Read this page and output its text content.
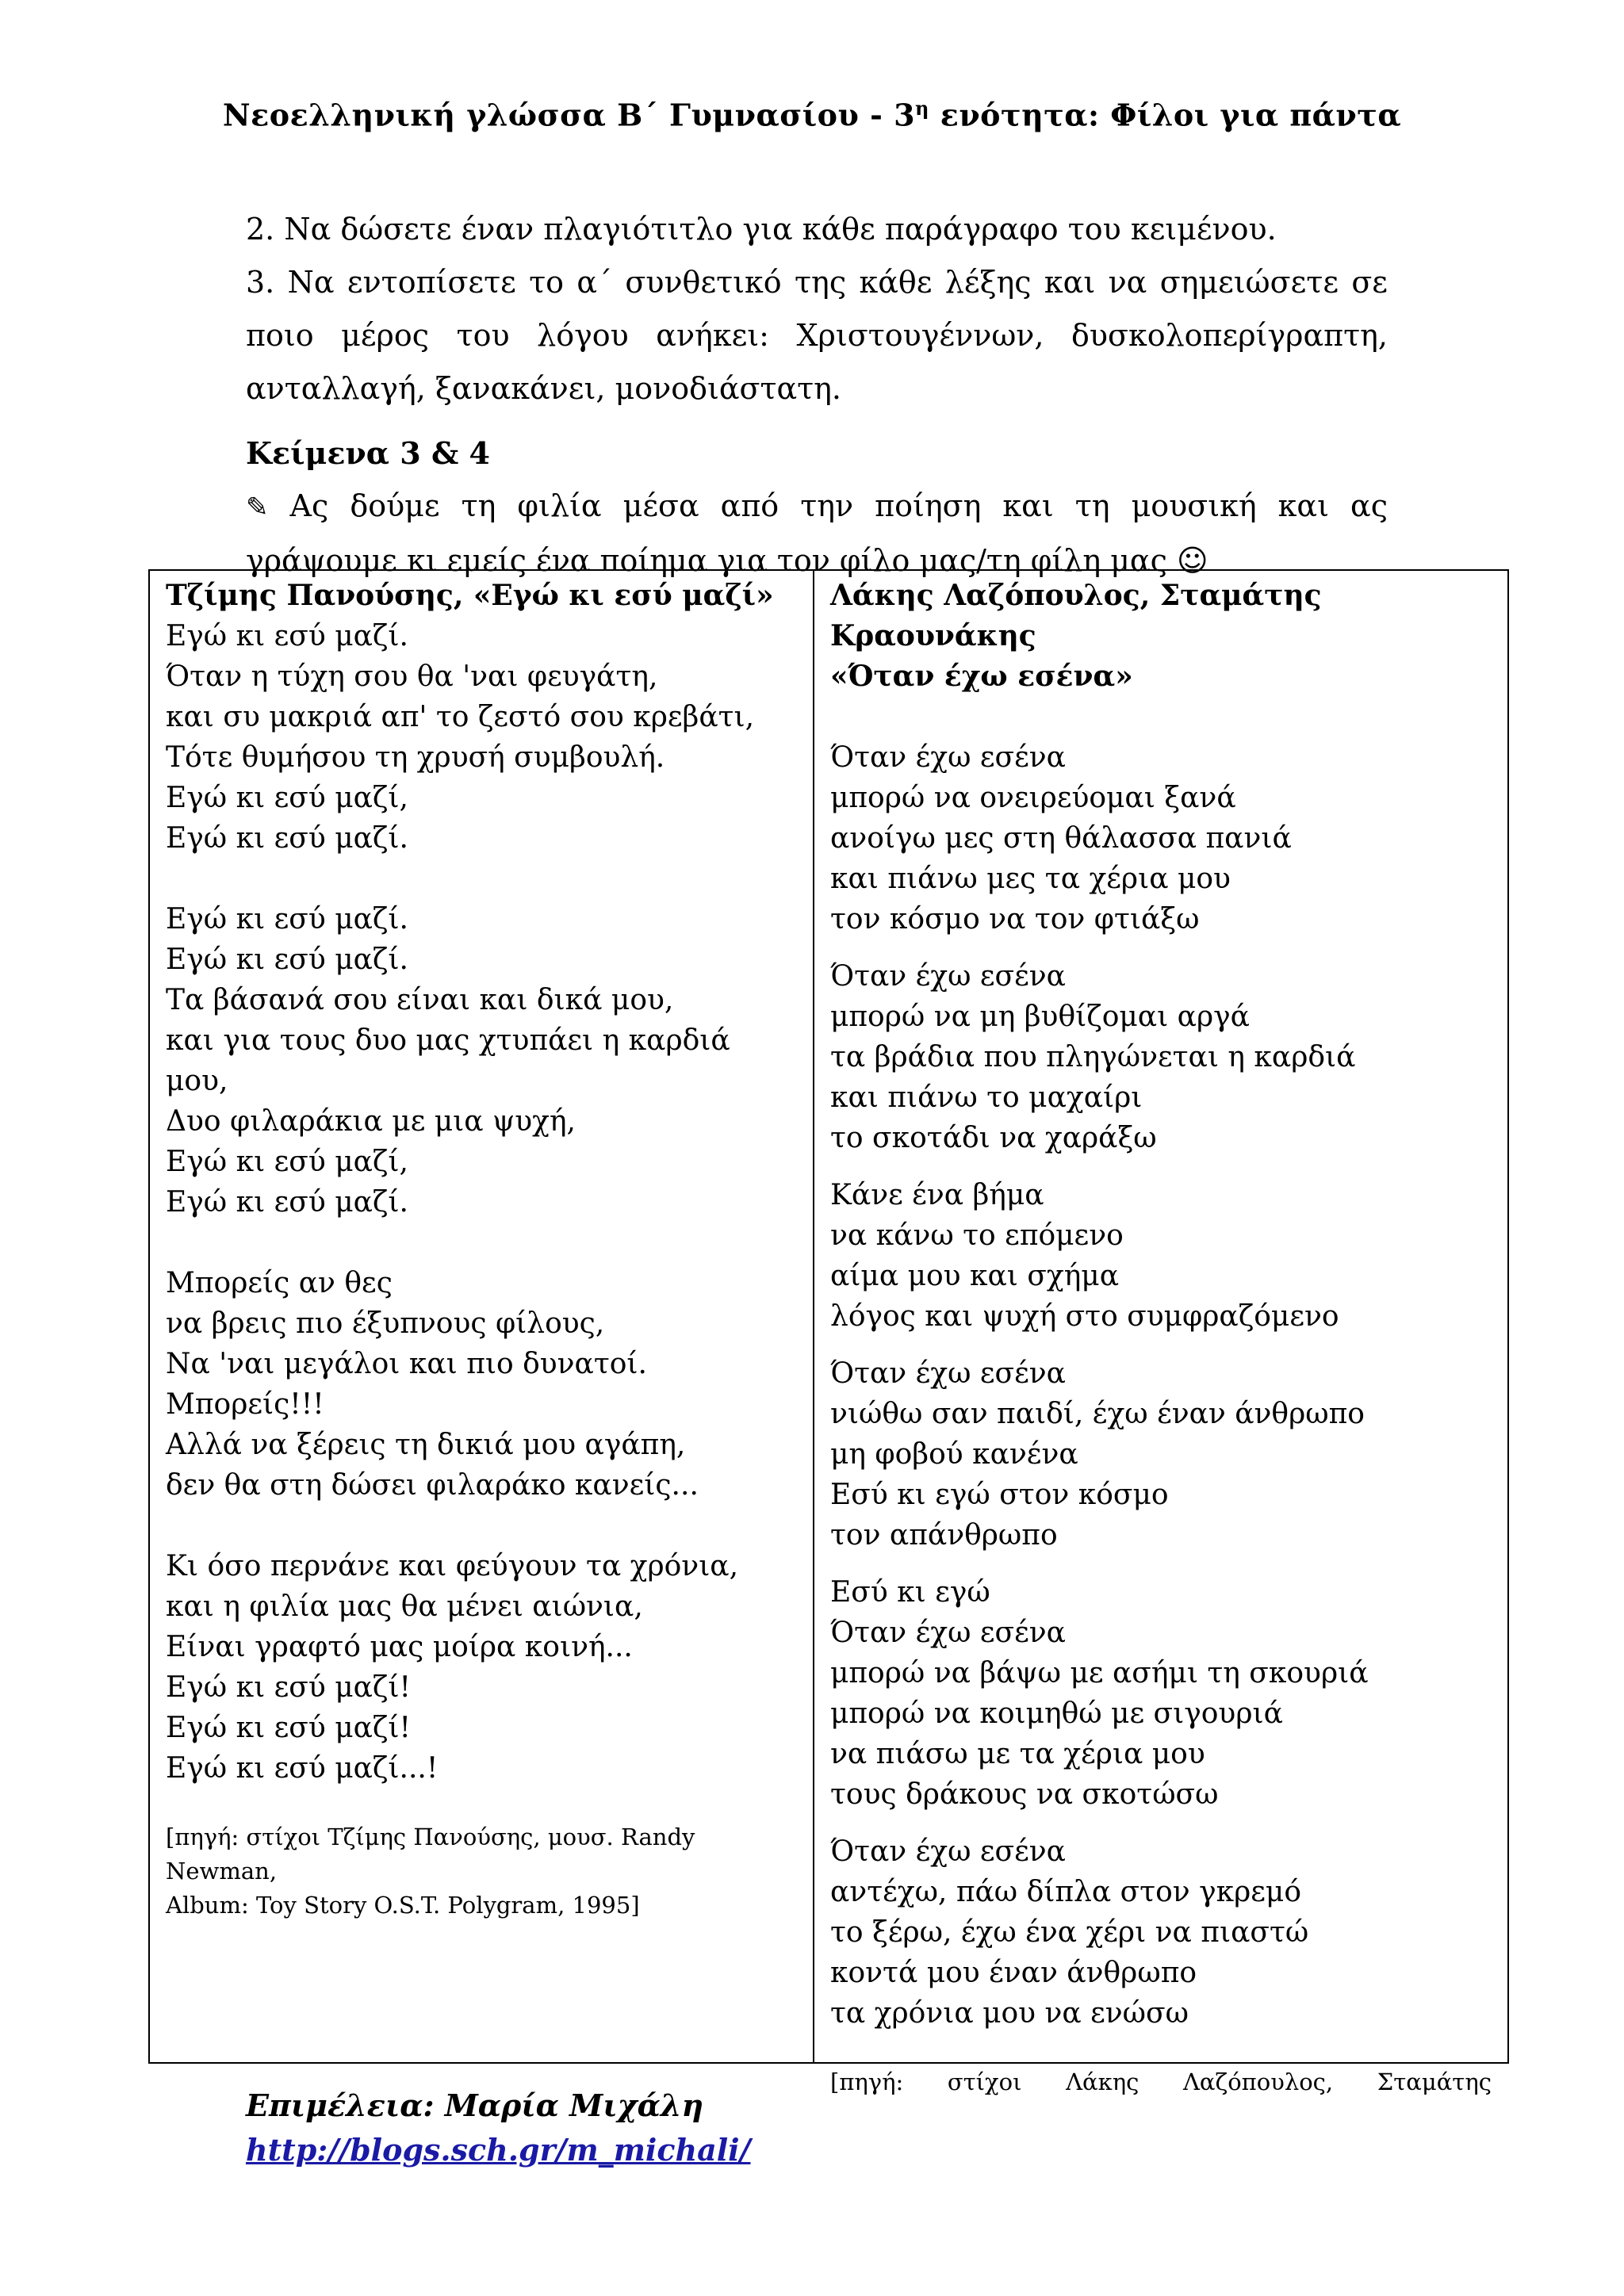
Νεοελληνική γλώσσα Β΄ Γυμνασίου - $3^\eta$ ενότητα: Φίλοι για πάντα

2. Να δώσετε έναν πλαγιότιτλο για κάθε παράγραφο του κειμένου.

3. Να εντοπίσετε το α΄ συνθετικό της κάθε λέξης και να σημειώσετε σε ποιο μέρος του λόγου ανήκει: Χριστουγέννων, δυσκολοπερίγραπτη, ανταλλαγή, ξανακάνει, μονοδιάστατη.

Κείμενα 3 & 4

✎ Ας δούμε τη φιλία μέσα από την ποίηση και τη μουσική και ας γράψουμε κι εμείς ένα ποίημα για τον φίλο μας/τη φίλη μας ☺

Τζίμης Πανούσης, «Εγώ κι εσύ μαζί»
Εγώ κι εσύ μαζί.
Όταν η τύχη σου θα 'ναι φευγάτη,
και συ μακριά απ' το ζεστό σου κρεβάτι,
Τότε θυμήσου τη χρυσή συμβουλή.
Εγώ κι εσύ μαζί,
Εγώ κι εσύ μαζί.
Εγώ κι εσύ μαζί.
Εγώ κι εσύ μαζί.
Τα βάσανά σου είναι και δικά μου,
και για τους δυο μας χτυπάει η καρδιά μου,
Δυο φιλαράκια με μια ψυχή,
Εγώ κι εσύ μαζί,
Εγώ κι εσύ μαζί.
Μπορείς αν θες
να βρεις πιο έξυπνους φίλους,
Να 'ναι μεγάλοι και πιο δυνατοί.
Μπορείς!!!
Αλλά να ξέρεις τη δικιά μου αγάπη,
δεν θα στη δώσει φιλαράκο κανείς...
Κι όσο περνάνε και φεύγουν τα χρόνια,
και η φιλία μας θα μένει αιώνια,
Είναι γραφτό μας μοίρα κοινή...
Εγώ κι εσύ μαζί!
Εγώ κι εσύ μαζί!
Εγώ κι εσύ μαζί...!
[πηγή: στίχοι Τζίμης Πανούσης, μουσ. Randy Newman,
Album: Toy Story O.S.T. Polygram, 1995]
Λάκης Λαζόπουλος, Σταμάτης Κραουνάκης
«Όταν έχω εσένα»
Όταν έχω εσένα
μπορώ να ονειρεύομαι ξανά
ανοίγω μες στη θάλασσα πανιά
και πιάνω μες τα χέρια μου
τον κόσμο να τον φτιάξω
Όταν έχω εσένα
μπορώ να μη βυθίζομαι αργά
τα βράδια που πληγώνεται η καρδιά
και πιάνω το μαχαίρι
το σκοτάδι να χαράξω
Κάνε ένα βήμα
να κάνω το επόμενο
αίμα μου και σχήμα
λόγος και ψυχή στο συμφραζόμενο
Όταν έχω εσένα
νιώθω σαν παιδί, έχω έναν άνθρωπο
μη φοβού κανένα
Εσύ κι εγώ στον κόσμο
τον απάνθρωπο
Εσύ κι εγώ
Όταν έχω εσένα
μπορώ να βάψω με ασήμι τη σκουριά
μπορώ να κοιμηθώ με σιγουριά
να πιάσω με τα χέρια μου
τους δράκους να σκοτώσω
Όταν έχω εσένα
αντέχω, πάω δίπλα στον γκρεμό
το ξέρω, έχω ένα χέρι να πιαστώ
κοντά μου έναν άνθρωπο
τα χρόνια μου να ενώσω
[πηγή: στίχοι Λάκης Λαζόπουλος, Σταμάτης
Επιμέλεια: Μαρία Μιχάλη
http://blogs.sch.gr/m_michali/
